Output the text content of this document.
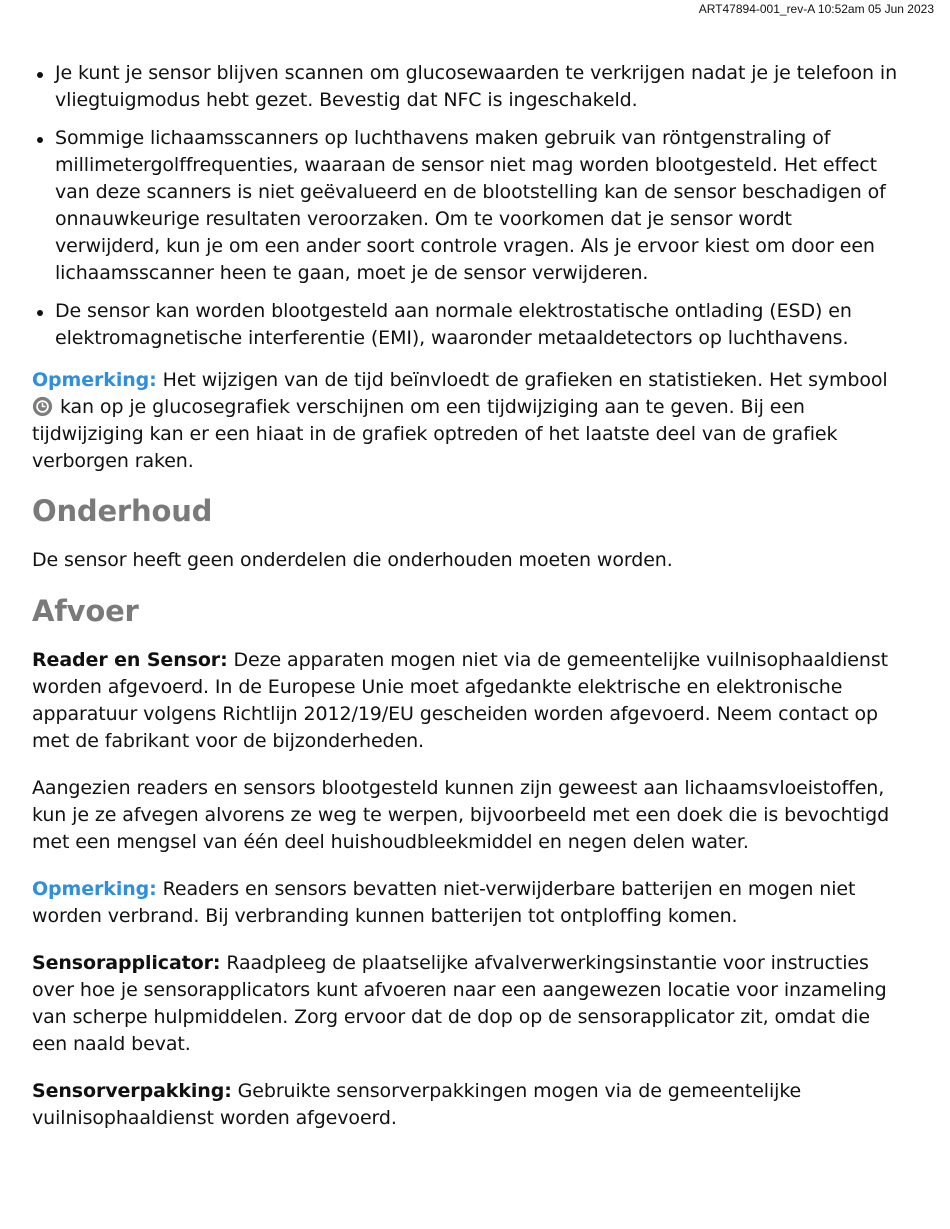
ART47894-001_rev-A 10:52am 05 Jun 2023
Je kunt je sensor blijven scannen om glucosewaarden te verkrijgen nadat je je telefoon in vliegtuigmodus hebt gezet. Bevestig dat NFC is ingeschakeld.
Sommige lichaamsscanners op luchthavens maken gebruik van röntgenstraling of millimetergolffrequenties, waaraan de sensor niet mag worden blootgesteld. Het effect van deze scanners is niet geëvalueerd en de blootstelling kan de sensor beschadigen of onnauwkeurige resultaten veroorzaken. Om te voorkomen dat je sensor wordt verwijderd, kun je om een ander soort controle vragen. Als je ervoor kiest om door een lichaamsscanner heen te gaan, moet je de sensor verwijderen.
De sensor kan worden blootgesteld aan normale elektrostatische ontlading (ESD) en elektromagnetische interferentie (EMI), waaronder metaaldetectors op luchthavens.

Opmerking: Het wijzigen van de tijd beïnvloedt de grafieken en statistieken. Het symbool
kan op je glucosegrafiek verschijnen om een tijdwijziging aan te geven. Bij een tijdwijziging kan er een hiaat in de grafiek optreden of het laatste deel van de grafiek verborgen raken.

Onderhoud

De sensor heeft geen onderdelen die onderhouden moeten worden.

Afvoer

Reader en Sensor: Deze apparaten mogen niet via de gemeentelijke vuilnisophaaldienst worden afgevoerd. In de Europese Unie moet afgedankte elektrische en elektronische apparatuur volgens Richtlijn 2012/19/EU gescheiden worden afgevoerd. Neem contact op met de fabrikant voor de bijzonderheden.

Aangezien readers en sensors blootgesteld kunnen zijn geweest aan lichaamsvloeistoffen, kun je ze afvegen alvorens ze weg te werpen, bijvoorbeeld met een doek die is bevochtigd met een mengsel van één deel huishoudbleekmiddel en negen delen water.

Opmerking: Readers en sensors bevatten niet-verwijderbare batterijen en mogen niet worden verbrand. Bij verbranding kunnen batterijen tot ontploffing komen.

Sensorapplicator: Raadpleeg de plaatselijke afvalverwerkingsinstantie voor instructies over hoe je sensorapplicators kunt afvoeren naar een aangewezen locatie voor inzameling van scherpe hulpmiddelen. Zorg ervoor dat de dop op de sensorapplicator zit, omdat die een naald bevat.

Sensorverpakking: Gebruikte sensorverpakkingen mogen via de gemeentelijke vuilnisophaaldienst worden afgevoerd.
